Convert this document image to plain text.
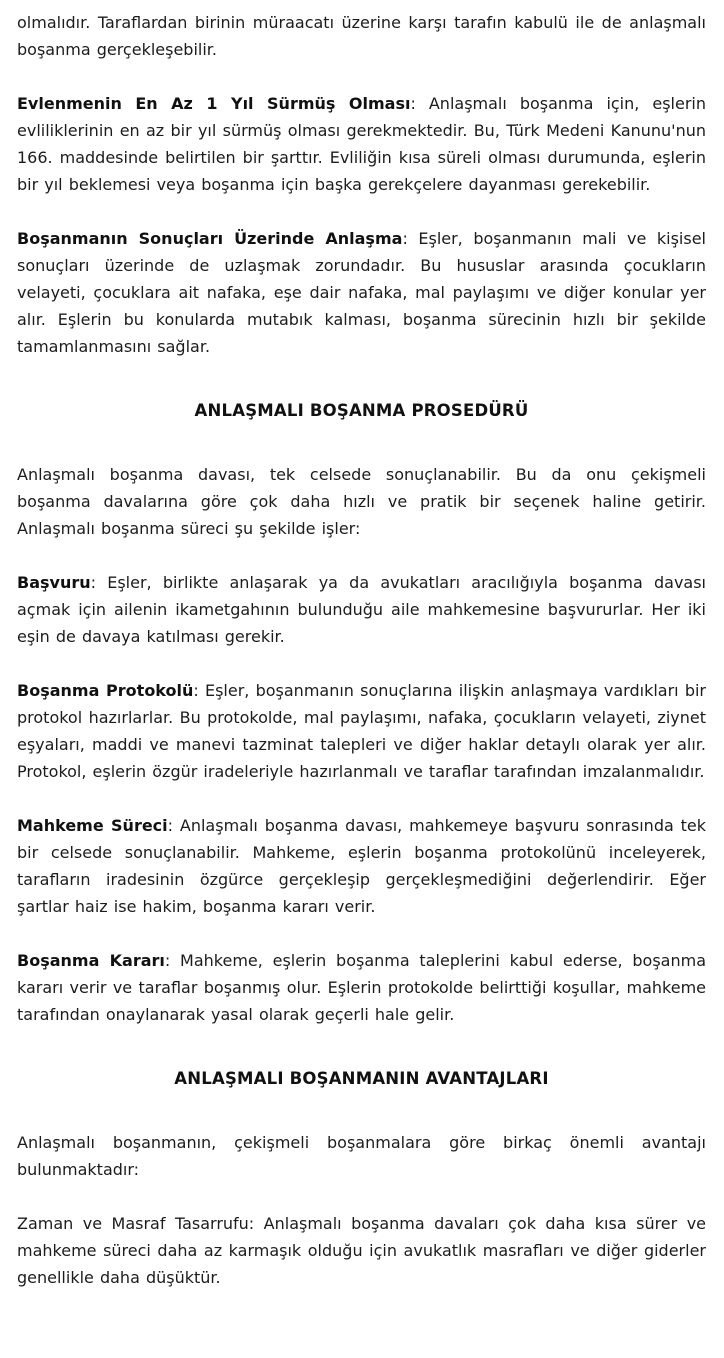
olmalıdır. Taraflardan birinin müraacatı üzerine karşı tarafın kabulü ile de anlaşmalı boşanma gerçekleşebilir.

Evlenmenin En Az 1 Yıl Sürmüş Olması: Anlaşmalı boşanma için, eşlerin evliliklerinin en az bir yıl sürmüş olması gerekmektedir. Bu, Türk Medeni Kanunu'nun 166. maddesinde belirtilen bir şarttır. Evliliğin kısa süreli olması durumunda, eşlerin bir yıl beklemesi veya boşanma için başka gerekçelere dayanması gerekebilir.

Boşanmanın Sonuçları Üzerinde Anlaşma: Eşler, boşanmanın mali ve kişisel sonuçları üzerinde de uzlaşmak zorundadır. Bu hususlar arasında çocukların velayeti, çocuklara ait nafaka, eşe dair nafaka, mal paylaşımı ve diğer konular yer alır. Eşlerin bu konularda mutabık kalması, boşanma sürecinin hızlı bir şekilde tamamlanmasını sağlar.

ANLAŞMALI BOŞANMA PROSEDÜRÜ

Anlaşmalı boşanma davası, tek celsede sonuçlanabilir. Bu da onu çekişmeli boşanma davalarına göre çok daha hızlı ve pratik bir seçenek haline getirir. Anlaşmalı boşanma süreci şu şekilde işler:

Başvuru: Eşler, birlikte anlaşarak ya da avukatları aracılığıyla boşanma davası açmak için ailenin ikametgahının bulunduğu aile mahkemesine başvururlar. Her iki eşin de davaya katılması gerekir.

Boşanma Protokolü: Eşler, boşanmanın sonuçlarına ilişkin anlaşmaya vardıkları bir protokol hazırlarlar. Bu protokolde, mal paylaşımı, nafaka, çocukların velayeti, ziynet eşyaları, maddi ve manevi tazminat talepleri ve diğer haklar detaylı olarak yer alır. Protokol, eşlerin özgür iradeleriyle hazırlanmalı ve taraflar tarafından imzalanmalıdır.

Mahkeme Süreci: Anlaşmalı boşanma davası, mahkemeye başvuru sonrasında tek bir celsede sonuçlanabilir. Mahkeme, eşlerin boşanma protokolünü inceleyerek, tarafların iradesinin özgürce gerçekleşip gerçekleşmediğini değerlendirir. Eğer şartlar haiz ise hakim, boşanma kararı verir.

Boşanma Kararı: Mahkeme, eşlerin boşanma taleplerini kabul ederse, boşanma kararı verir ve taraflar boşanmış olur. Eşlerin protokolde belirttiği koşullar, mahkeme tarafından onaylanarak yasal olarak geçerli hale gelir.

ANLAŞMALI BOŞANMANIN AVANTAJLARI

Anlaşmalı boşanmanın, çekişmeli boşanmalara göre birkaç önemli avantajı bulunmaktadır:

Zaman ve Masraf Tasarrufu: Anlaşmalı boşanma davaları çok daha kısa sürer ve mahkeme süreci daha az karmaşık olduğu için avukatlık masrafları ve diğer giderler genellikle daha düşüktür.
